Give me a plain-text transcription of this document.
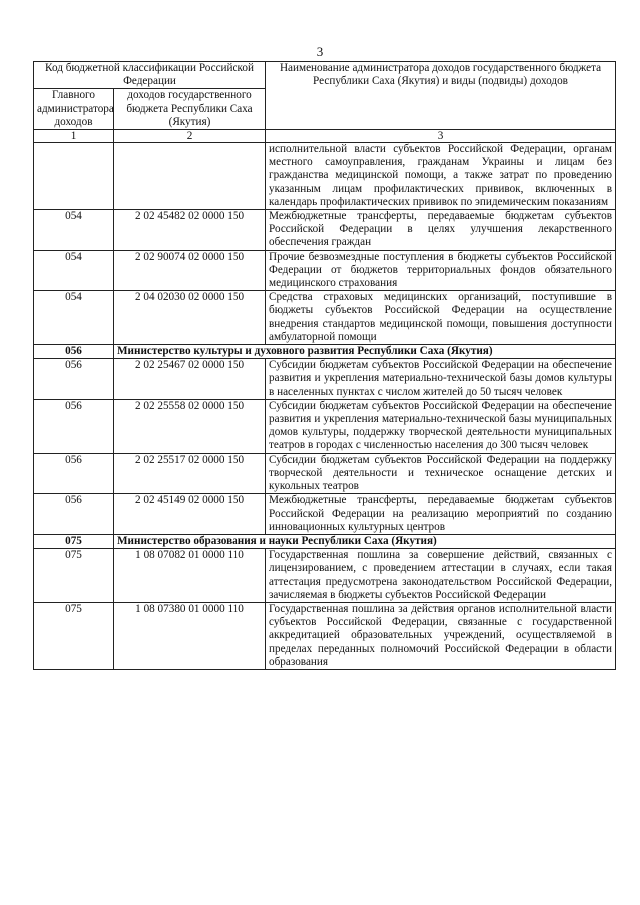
3
Код бюджетной классификации Российской Федерации		Наименование администратора доходов государственного бюджета Республики Саха (Якутия) и виды (подвиды) доходов
Главного администратора доходов	доходов государственного бюджета Республики Саха (Якутия)	
1	2	3
		исполнительной власти субъектов Российской Федерации, органам местного самоуправления, гражданам Украины и лицам без гражданства медицинской помощи, а также затрат по проведению указанным лицам профилактических прививок, включенных в календарь профилактических прививок по эпидемическим показаниям
054	2 02 45482 02 0000 150	Межбюджетные трансферты, передаваемые бюджетам субъектов Российской Федерации в целях улучшения лекарственного обеспечения граждан
054	2 02 90074 02 0000 150	Прочие безвозмездные поступления в бюджеты субъектов Российской Федерации от бюджетов территориальных фондов обязательного медицинского страхования
054	2 04 02030 02 0000 150	Средства страховых медицинских организаций, поступившие в бюджеты субъектов Российской Федерации на осуществление внедрения стандартов медицинской помощи, повышения доступности амбулаторной помощи
056	Министерство культуры и духовного развития Республики Саха (Якутия)	
056	2 02 25467 02 0000 150	Субсидии бюджетам субъектов Российской Федерации на обеспечение развития и укрепления материально-технической базы домов культуры в населенных пунктах с числом жителей до 50 тысяч человек
056	2 02 25558 02 0000 150	Субсидии бюджетам субъектов Российской Федерации на обеспечение развития и укрепления материально-технической базы муниципальных домов культуры, поддержку творческой деятельности муниципальных театров в городах с численностью населения до 300 тысяч человек
056	2 02 25517 02 0000 150	Субсидии бюджетам субъектов Российской Федерации на поддержку творческой деятельности и техническое оснащение детских и кукольных театров
056	2 02 45149 02 0000 150	Межбюджетные трансферты, передаваемые бюджетам субъектов Российской Федерации на реализацию мероприятий по созданию инновационных культурных центров
075	Министерство образования и науки Республики Саха (Якутия)	
075	1 08 07082 01 0000 110	Государственная пошлина за совершение действий, связанных с лицензированием, с проведением аттестации в случаях, если такая аттестация предусмотрена законодательством Российской Федерации, зачисляемая в бюджеты субъектов Российской Федерации
075	1 08 07380 01 0000 110	Государственная пошлина за действия органов исполнительной власти субъектов Российской Федерации, связанные с государственной аккредитацией образовательных учреждений, осуществляемой в пределах переданных полномочий Российской Федерации в области образования
